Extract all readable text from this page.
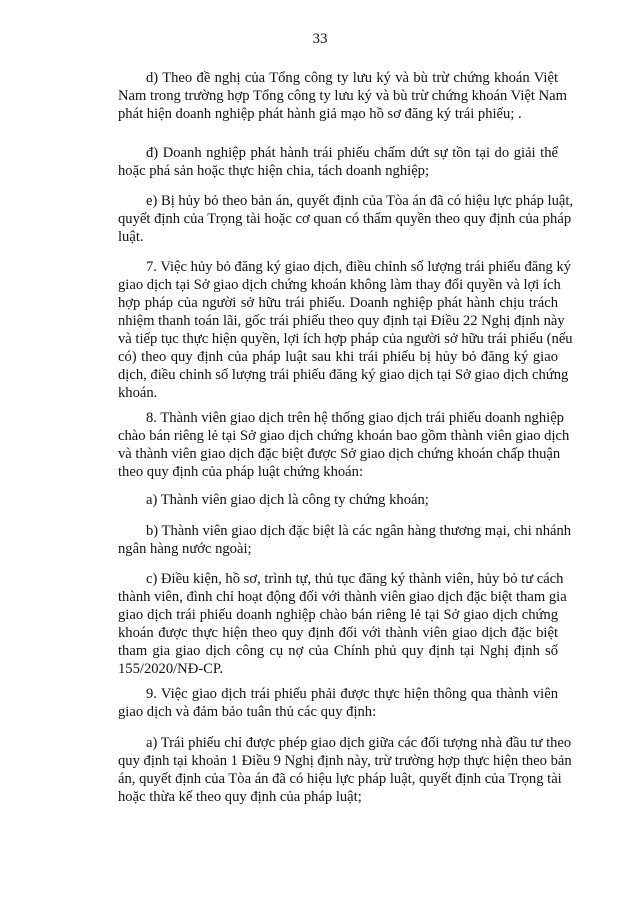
33
d) Theo đề nghị của Tổng công ty lưu ký và bù trừ chứng khoán Việt
Nam trong trường hợp Tổng công ty lưu ký và bù trừ chứng khoán Việt Nam
phát hiện doanh nghiệp phát hành giả mạo hồ sơ đăng ký trái phiếu; .
đ) Doanh nghiệp phát hành trái phiếu chấm dứt sự tồn tại do giải thể
hoặc phá sản hoặc thực hiện chia, tách doanh nghiệp;
e) Bị hủy bỏ theo bản án, quyết định của Tòa án đã có hiệu lực pháp luật,
quyết định của Trọng tài hoặc cơ quan có thẩm quyền theo quy định của pháp
luật.
7. Việc hủy bỏ đăng ký giao dịch, điều chỉnh số lượng trái phiếu đăng ký
giao dịch tại Sở giao dịch chứng khoán không làm thay đổi quyền và lợi ích
hợp pháp của người sở hữu trái phiếu. Doanh nghiệp phát hành chịu trách
nhiệm thanh toán lãi, gốc trái phiếu theo quy định tại Điều 22 Nghị định này
và tiếp tục thực hiện quyền, lợi ích hợp pháp của người sở hữu trái phiếu (nếu
có) theo quy định của pháp luật sau khi trái phiếu bị hủy bỏ đăng ký giao
dịch, điều chỉnh số lượng trái phiếu đăng ký giao dịch tại Sở giao dịch chứng
khoán.
8. Thành viên giao dịch trên hệ thống giao dịch trái phiếu doanh nghiệp
chào bán riêng lẻ tại Sở giao dịch chứng khoán bao gồm thành viên giao dịch
và thành viên giao dịch đặc biệt được Sở giao dịch chứng khoán chấp thuận
theo quy định của pháp luật chứng khoán:
a) Thành viên giao dịch là công ty chứng khoán;
b) Thành viên giao dịch đặc biệt là các ngân hàng thương mại, chi nhánh
ngân hàng nước ngoài;
c) Điều kiện, hồ sơ, trình tự, thủ tục đăng ký thành viên, hủy bỏ tư cách
thành viên, đình chỉ hoạt động đối với thành viên giao dịch đặc biệt tham gia
giao dịch trái phiếu doanh nghiệp chào bán riêng lẻ tại Sở giao dịch chứng
khoán được thực hiện theo quy định đối với thành viên giao dịch đặc biệt
tham gia giao dịch công cụ nợ của Chính phủ quy định tại Nghị định số
155/2020/NĐ-CP.
9. Việc giao dịch trái phiếu phải được thực hiện thông qua thành viên
giao dịch và đảm bảo tuân thủ các quy định:
a) Trái phiếu chỉ được phép giao dịch giữa các đối tượng nhà đầu tư theo
quy định tại khoản 1 Điều 9 Nghị định này, trừ trường hợp thực hiện theo bản
án, quyết định của Tòa án đã có hiệu lực pháp luật, quyết định của Trọng tài
hoặc thừa kế theo quy định của pháp luật;
